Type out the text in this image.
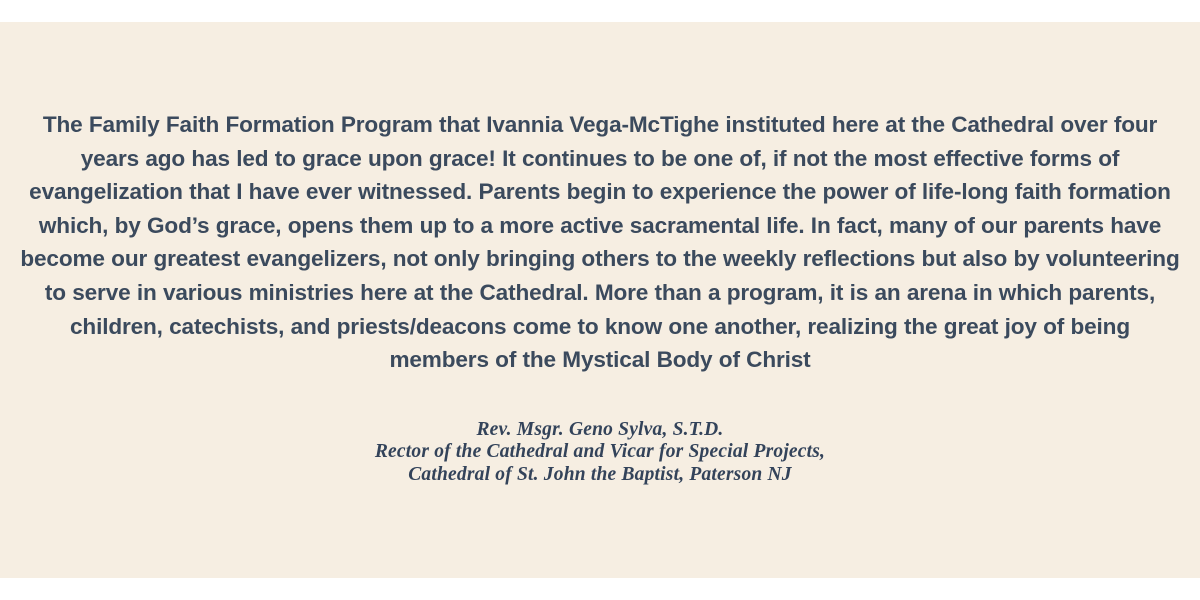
The Family Faith Formation Program that Ivannia Vega-McTighe instituted here at the Cathedral over four years ago has led to grace upon grace! It continues to be one of, if not the most effective forms of evangelization that I have ever witnessed. Parents begin to experience the power of life-long faith formation which, by God’s grace, opens them up to a more active sacramental life. In fact, many of our parents have become our greatest evangelizers, not only bringing others to the weekly reflections but also by volunteering to serve in various ministries here at the Cathedral. More than a program, it is an arena in which parents, children, catechists, and priests/deacons come to know one another, realizing the great joy of being members of the Mystical Body of Christ
Rev. Msgr. Geno Sylva, S.T.D.
Rector of the Cathedral and Vicar for Special Projects,
Cathedral of St. John the Baptist, Paterson NJ
